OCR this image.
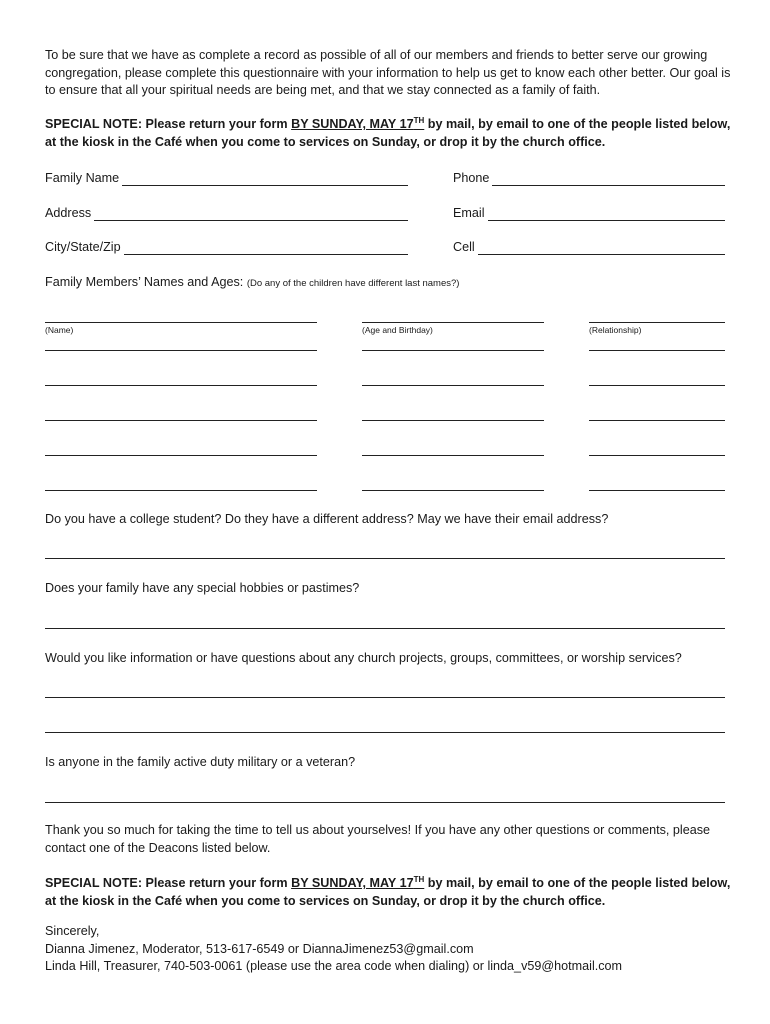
To be sure that we have as complete a record as possible of all of our members and friends to better serve our growing congregation, please complete this questionnaire with your information to help us get to know each other better. Our goal is to ensure that all your spiritual needs are being met, and that we stay connected as a family of faith.
SPECIAL NOTE: Please return your form BY SUNDAY, MAY 17TH by mail, by email to one of the people listed below, at the kiosk in the Café when you come to services on Sunday, or drop it by the church office.
Family Name	Phone
Address	Email
City/State/Zip	Cell
Family Members’ Names and Ages: (Do any of the children have different last names?)
(Name)	(Age and Birthday)	(Relationship)
Do you have a college student? Do they have a different address? May we have their email address?
Does your family have any special hobbies or pastimes?
Would you like information or have questions about any church projects, groups, committees, or worship services?
Is anyone in the family active duty military or a veteran?
Thank you so much for taking the time to tell us about yourselves! If you have any other questions or comments, please contact one of the Deacons listed below.
SPECIAL NOTE: Please return your form BY SUNDAY, MAY 17TH by mail, by email to one of the people listed below, at the kiosk in the Café when you come to services on Sunday, or drop it by the church office.
Sincerely,
Dianna Jimenez, Moderator, 513-617-6549 or DiannaJimenez53@gmail.com
Linda Hill, Treasurer, 740-503-0061 (please use the area code when dialing) or linda_v59@hotmail.com
